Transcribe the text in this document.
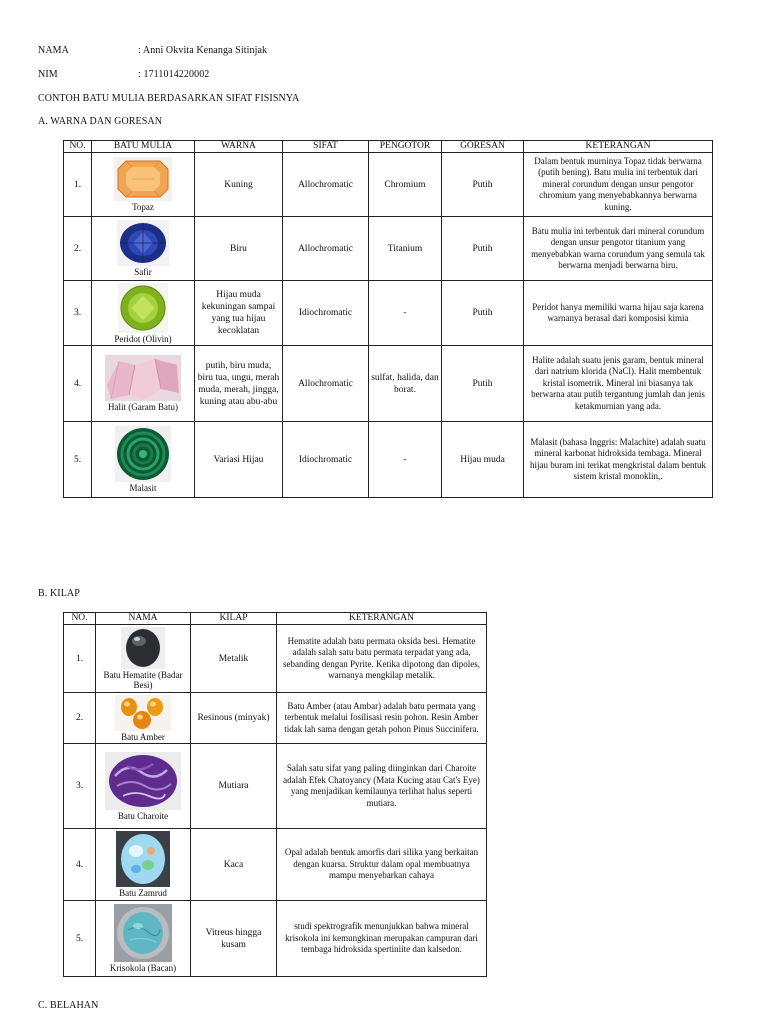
NAMA	: Anni Okvita Kenanga Sitinjak
NIM	: 1711014220002
CONTOH BATU MULIA BERDASARKAN SIFAT FISISNYA
A. WARNA DAN GORESAN
NO.	BATU MULIA	WARNA	SIFAT	PENGOTOR	GORESAN	KETERANGAN
1.	Topaz	Kuning	Allochromatic	Chromium	Putih	Dalam bentuk murninya Topaz tidak berwarna (putih bening). Batu mulia ini terbentuk dari mineral corundum dengan unsur pengotor chromium yang menyebabkannya berwarna kuning.
2.	Safir	Biru	Allochromatic	Titanium	Putih	Batu mulia ini terbentuk dari mineral corundum dengan unsur pengotor titanium yang menyebabkan warna corundum yang semula tak berwarna menjadi berwarna biru.
3.	Peridot (Olivin)	Hijau muda kekuningan sampai yang tua hijau kecoklatan	Idiochromatic	-	Putih	Peridot hanya memiliki warna hijau saja karena warnanya berasal dari komposisi kimia
4.	Halit (Garam Batu)	putih, biru muda, biru tua, ungu, merah muda, merah, jingga, kuning atau abu-abu	Allochromatic	sulfat, halida, dan borat.	Putih	Halite adalah suatu jenis garam, bentuk mineral dari natrium klorida (NaCl). Halit membentuk kristal isometrik. Mineral ini biasanya tak berwarna atau putih tergantung jumlah dan jenis ketakmurnian yang ada.
5.	Malasit	Variasi Hijau	Idiochromatic	-	Hijau muda	Malasit (bahasa Inggris: Malachite) adalah suatu mineral karbonat hidroksida tembaga. Mineral hijau buram ini terikat mengkristal dalam bentuk sistem kristal monoklin,.
B. KILAP
NO.	NAMA	KILAP	KETERANGAN
1.	Batu Hematite (Badar Besi)	Metalik	Hematite adalah batu permata oksida besi. Hematite adalah salah satu batu permata terpadat yang ada, sebanding dengan Pyrite. Ketika dipotong dan dipoles, warnanya mengkilap metalik.
2.	Batu Amber	Resinous (minyak)	Batu Amber (atau Ambar) adalah batu permata yang terbentuk melalui fosilisasi resin pohon. Resin Amber tidak lah sama dengan getah pohon Pinus Succinifera.
3.	Batu Charoite	Mutiara	Salah satu sifat yang paling diinginkan dari Charoite adalah Efek Chatoyancy (Mata Kucing atau Cat's Eye) yang menjadikan kemilaunya terlihat halus seperti mutiara.
4.	Batu Zamrud	Kaca	Opal adalah bentuk amorfis dari silika yang berkaitan dengan kuarsa. Struktur dalam opal membuatnya mampu menyebarkan cahaya
5.	Krisokola (Bacan)	Vitreus hingga kusam	studi spektrografik menunjukkan bahwa mineral krisokola ini kemungkinan merupakan campuran dari tembaga hidroksida spertiniite dan kalsedon.
C. BELAHAN
